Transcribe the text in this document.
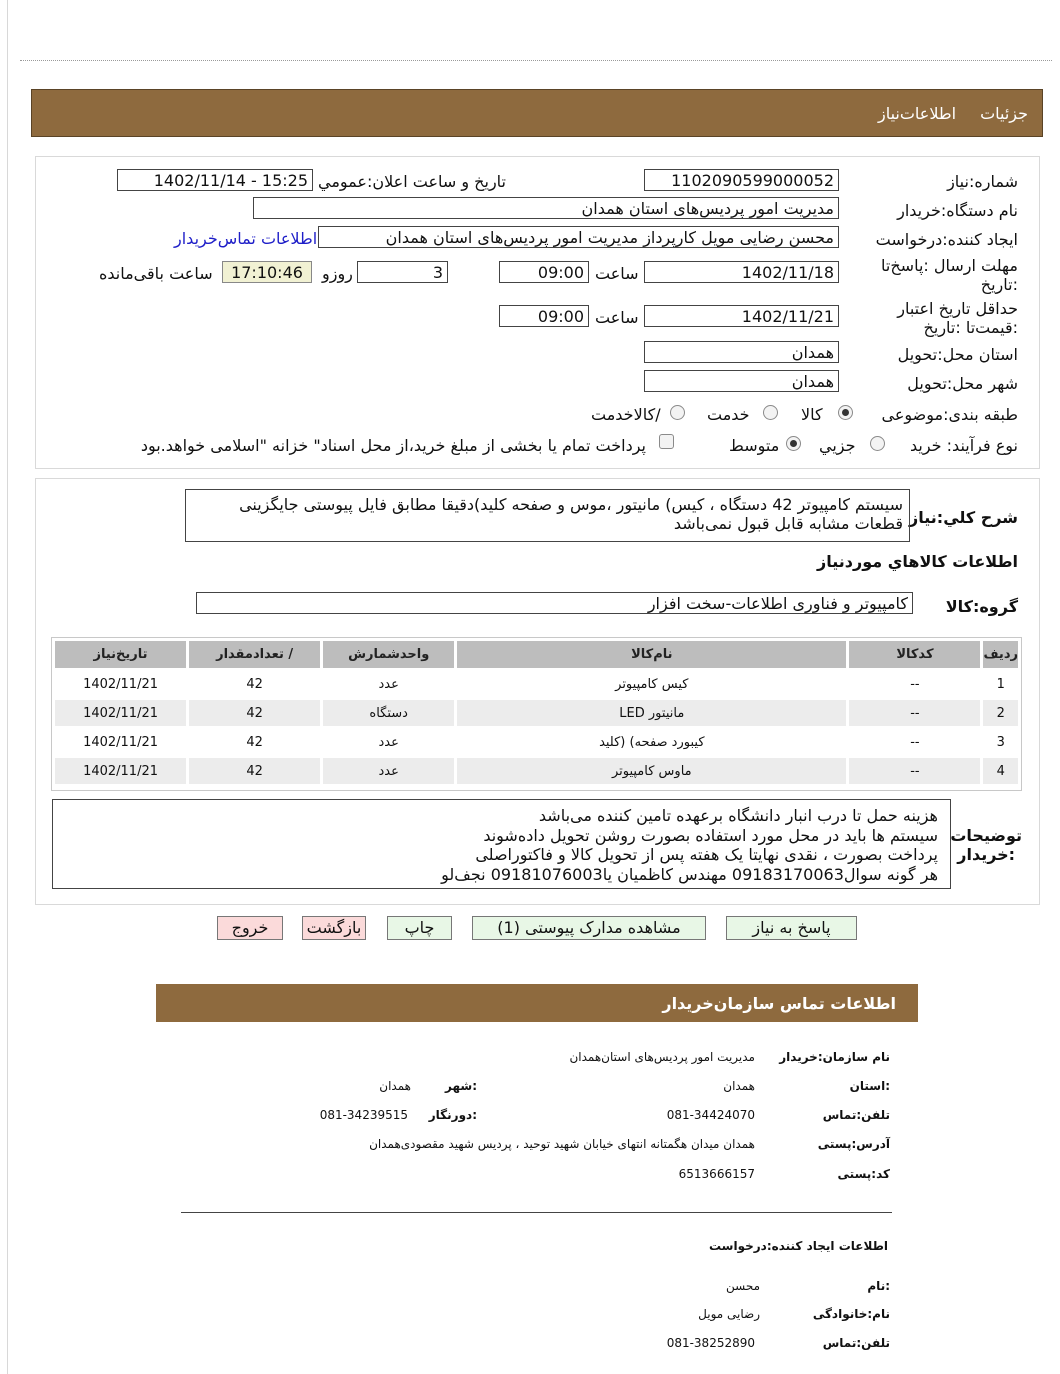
جزئیات
اطلاعات‌نیاز
شماره‌:نیاز
1102090599000052
تاریخ و ساعت اعلان:عمومي
1402/11/14 - 15:25
نام دستگاه‌:خریدار
مدیریت امور پردیس‌های استان همدان
ایجاد کننده‌:درخواست
محسن رضایی مویل کارپرداز مدیریت امور پردیس‌های استان همدان
اطلاعات تماس‌خریدار
مهلت ارسال :پاسخ‌تا :تاریخ
1402/11/18
ساعت
09:00
3
روزو
17:10:46
ساعت باقی‌مانده
حداقل تاریخ اعتبار :قیمت‌تا :تاریخ
1402/11/21
ساعت
09:00
استان محل‌:تحویل
همدان
شهر محل‌:تحویل
همدان
طبقه بندی‌:موضوعی
کالا
خدمت
/کالاخدمت
نوع فرآیند: خرید
جزيي
متوسط
پرداخت تمام یا بخشی از مبلغ خرید،از محل اسناد" خزانه "اسلامی خواهد.بود
شرح كلي:نياز
سیستم کامپیوتر 42 دستگاه ، کیس) مانیتور ،موس و صفحه کلید)دقیقا مطابق فایل پیوستی جایگزینی قطعات مشابه قابل قبول نمی‌باشد
اطلاعات كالاهاي موردنياز
گروه‌:کالا
کامپیوتر و فناوری اطلاعات-سخت افزار
رديف	كدكالا	نام‌كالا	واحدشمارش	/ تعدادمقدار	تاريخ‌نياز
1	--	کیس کامپیوتر	عدد	42	1402/11/21
2	--	مانیتور LED	دستگاه	42	1402/11/21
3	--	کیبورد صفحه) (کلید	عدد	42	1402/11/21
4	--	ماوس کامپیوتر	عدد	42	1402/11/21
توضیحات
:خریدار
هزینه حمل تا درب انبار دانشگاه برعهده تامین کننده می‌باشد
سیستم ها باید در محل مورد استفاده بصورت روشن تحویل داده‌شوند
پرداخت بصورت ، نقدی نهایتا یک هفته پس از تحویل کالا و فاکتوراصلی
هر گونه سوال09183170063 مهندس کاظمیان یا09181076003 نجف‌لو
پاسخ به نیاز
مشاهده مدارک پیوستی (1)
چاپ
بازگشت
خروج
اطلاعات تماس سازمان‌خریدار
نام سازمان‌:خریدار
مدیریت امور پردیس‌های استان‌همدان
:استان
همدان
:شهر
همدان
تلفن‌:تماس
081-34424070
:دورنگار
081-34239515
آدرس‌:پستی
همدان میدان هگمتانه انتهای خیابان شهید توحید ، پردیس شهید مقصودی‌همدان
کد‌:پستی
6513666157
اطلاعات ایجاد کننده‌:درخواست
:نام
محسن
نام‌:خانوادگی
رضایی مویل
تلفن‌:تماس
081-38252890
